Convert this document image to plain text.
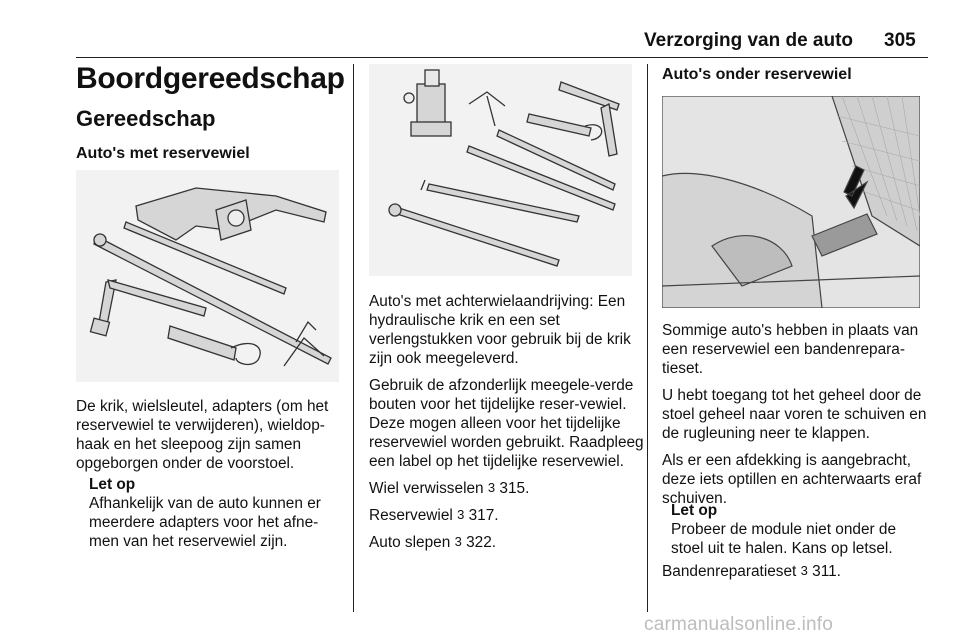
Verzorging van de auto 305
Boordgereedschap
Gereedschap
Auto's met reservewiel

De krik, wielsleutel, adapters (om het reservewiel te verwijderen), wieldop-haak en het sleepoog zijn samen opgeborgen onder de voorstoel.

Let op
Afhankelijk van de auto kunnen er meerdere adapters voor het afne-men van het reservewiel zijn.

Auto's met achterwielaandrijving: Een hydraulische krik en een set verlengstukken voor gebruik bij de krik zijn ook meegeleverd.

Gebruik de afzonderlijk meegele-verde bouten voor het tijdelijke reser-vewiel. Deze mogen alleen voor het tijdelijke reservewiel worden gebruikt. Raadpleeg een label op het tijdelijke reservewiel.

Wiel verwisselen 3 315.

Reservewiel 3 317.

Auto slepen 3 322.

Auto's onder reservewiel

Sommige auto's hebben in plaats van een reservewiel een bandenrepara-tieset.

U hebt toegang tot het geheel door de stoel geheel naar voren te schuiven en de rugleuning neer te klappen.

Als er een afdekking is aangebracht, deze iets optillen en achterwaarts eraf schuiven.

Let op
Probeer de module niet onder de stoel uit te halen. Kans op letsel.
Bandenreparatieset 3 311.
carmanualsonline.info
